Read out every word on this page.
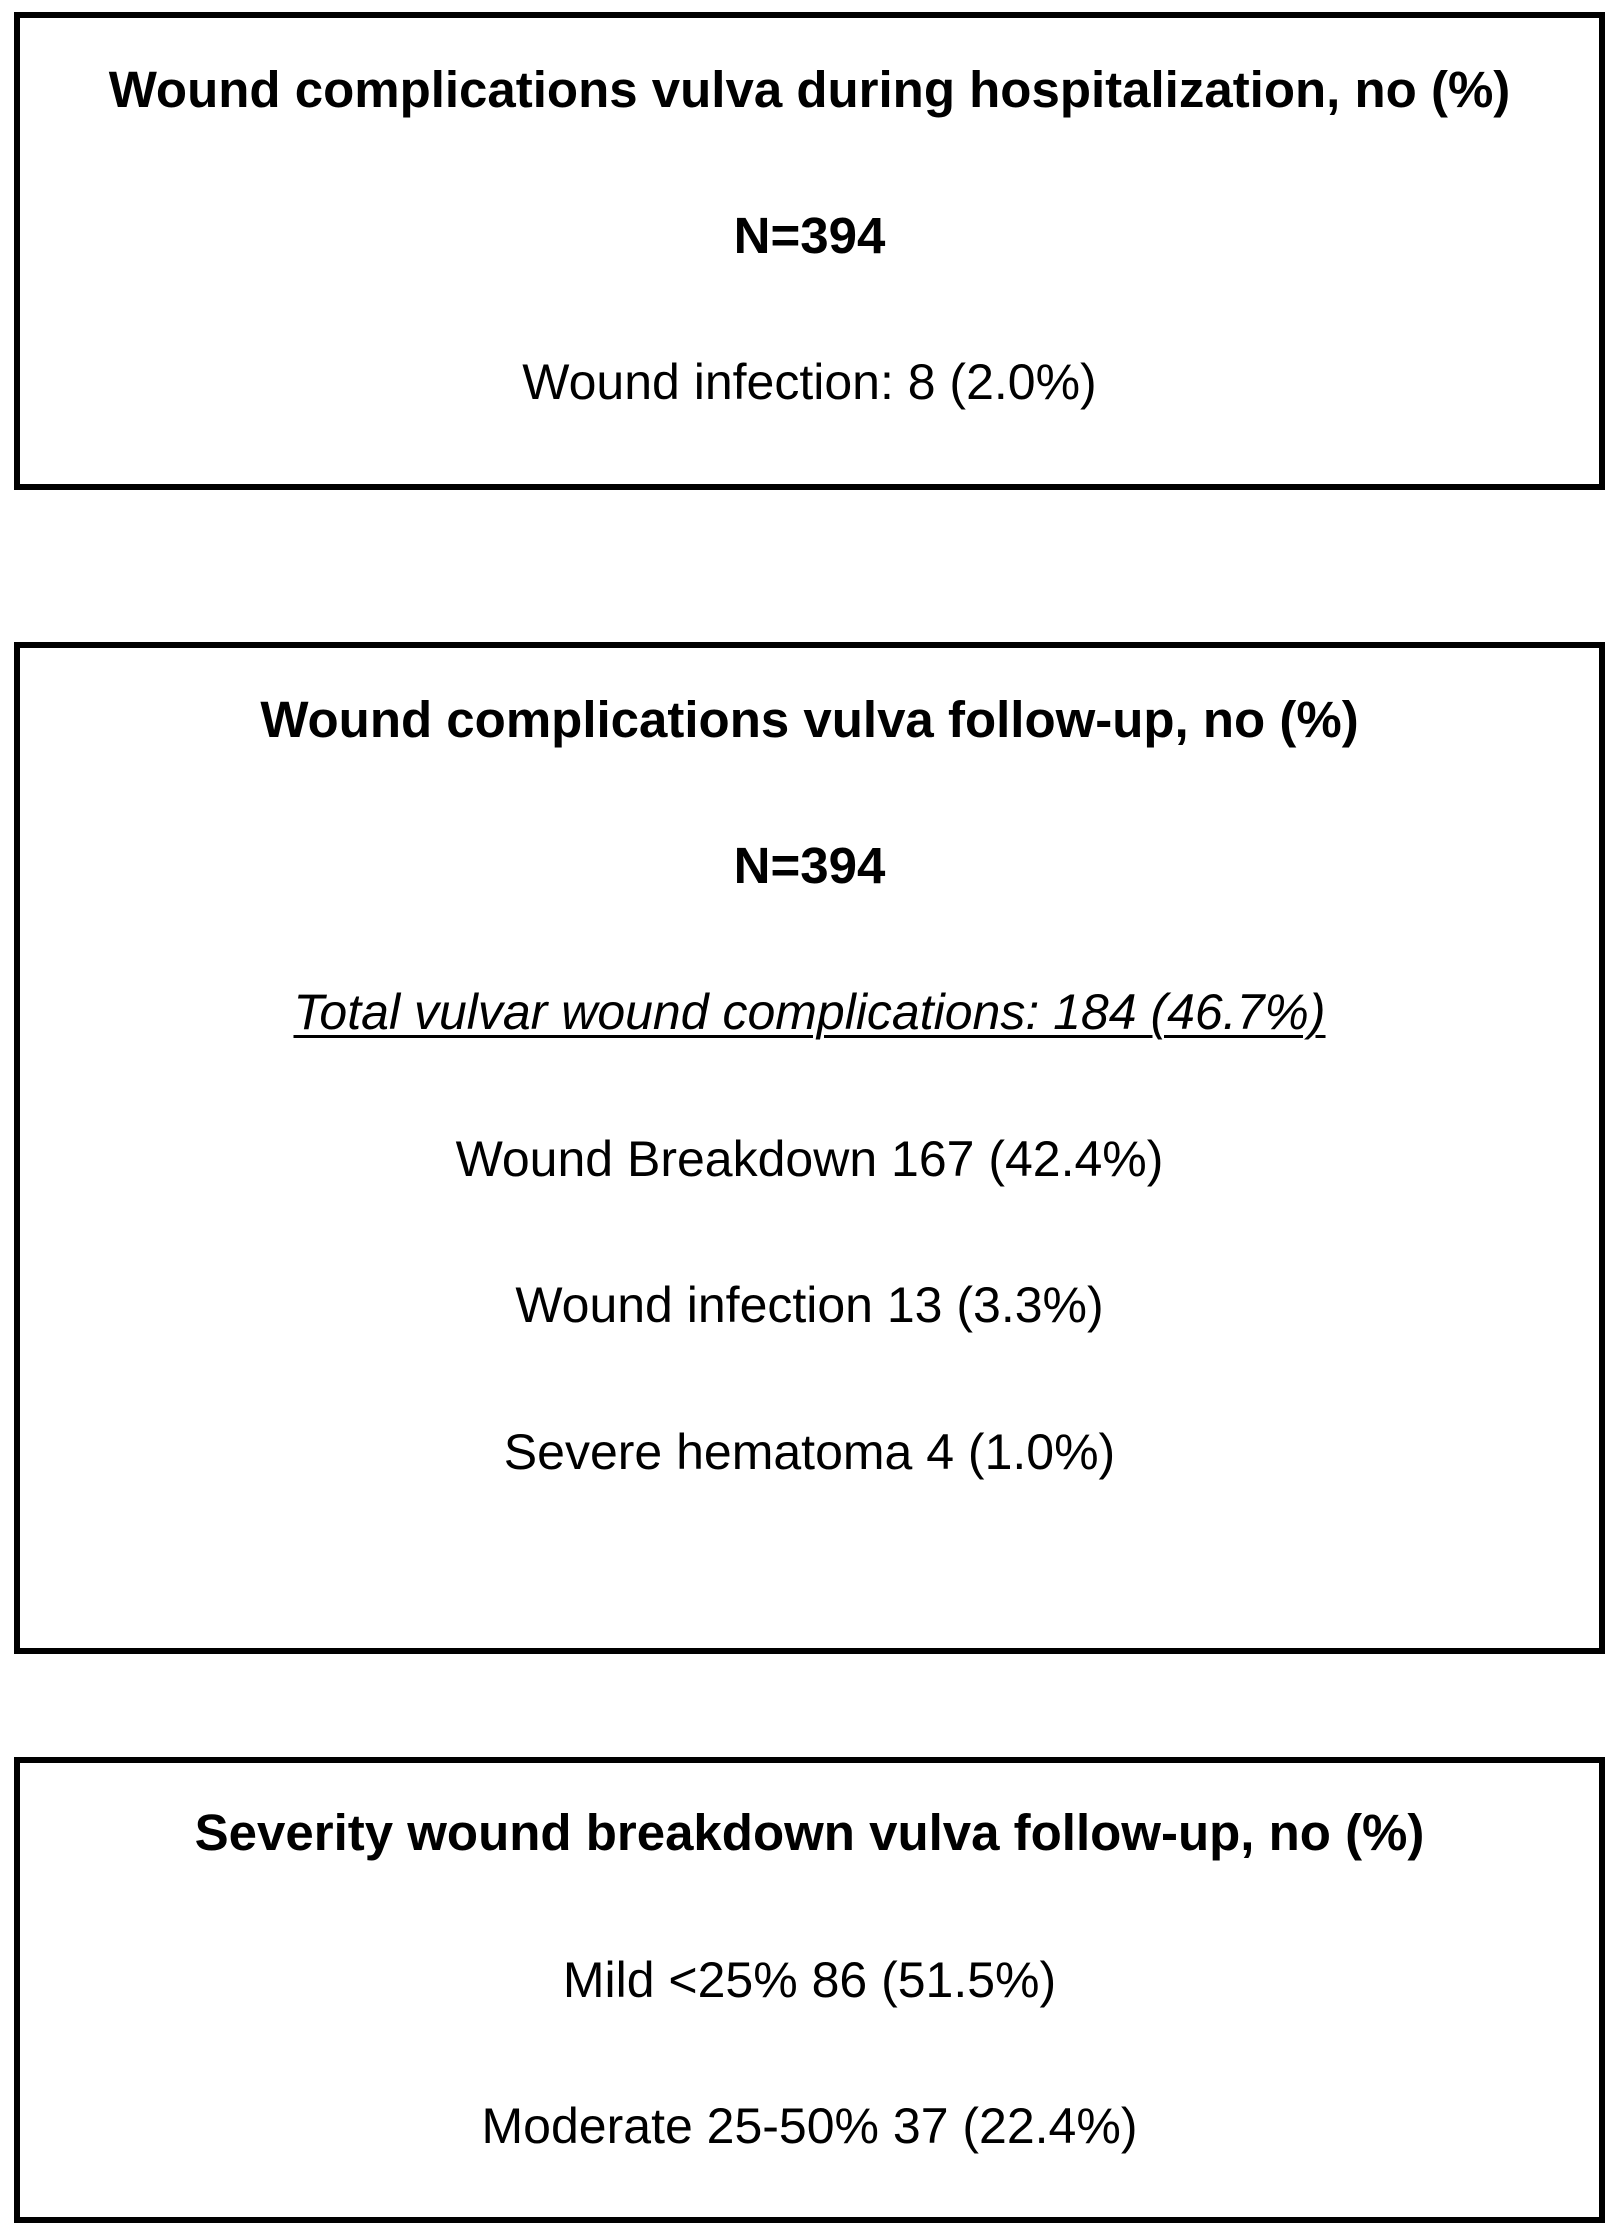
Wound complications vulva during hospitalization, no (%)
N=394
Wound infection: 8 (2.0%)
Wound complications vulva follow-up, no (%)
N=394
Total vulvar wound complications: 184 (46.7%)
Wound Breakdown 167 (42.4%)
Wound infection 13 (3.3%)
Severe hematoma 4 (1.0%)
Severity wound breakdown vulva follow-up, no (%)
Mild <25% 86 (51.5%)
Moderate 25-50% 37 (22.4%)
